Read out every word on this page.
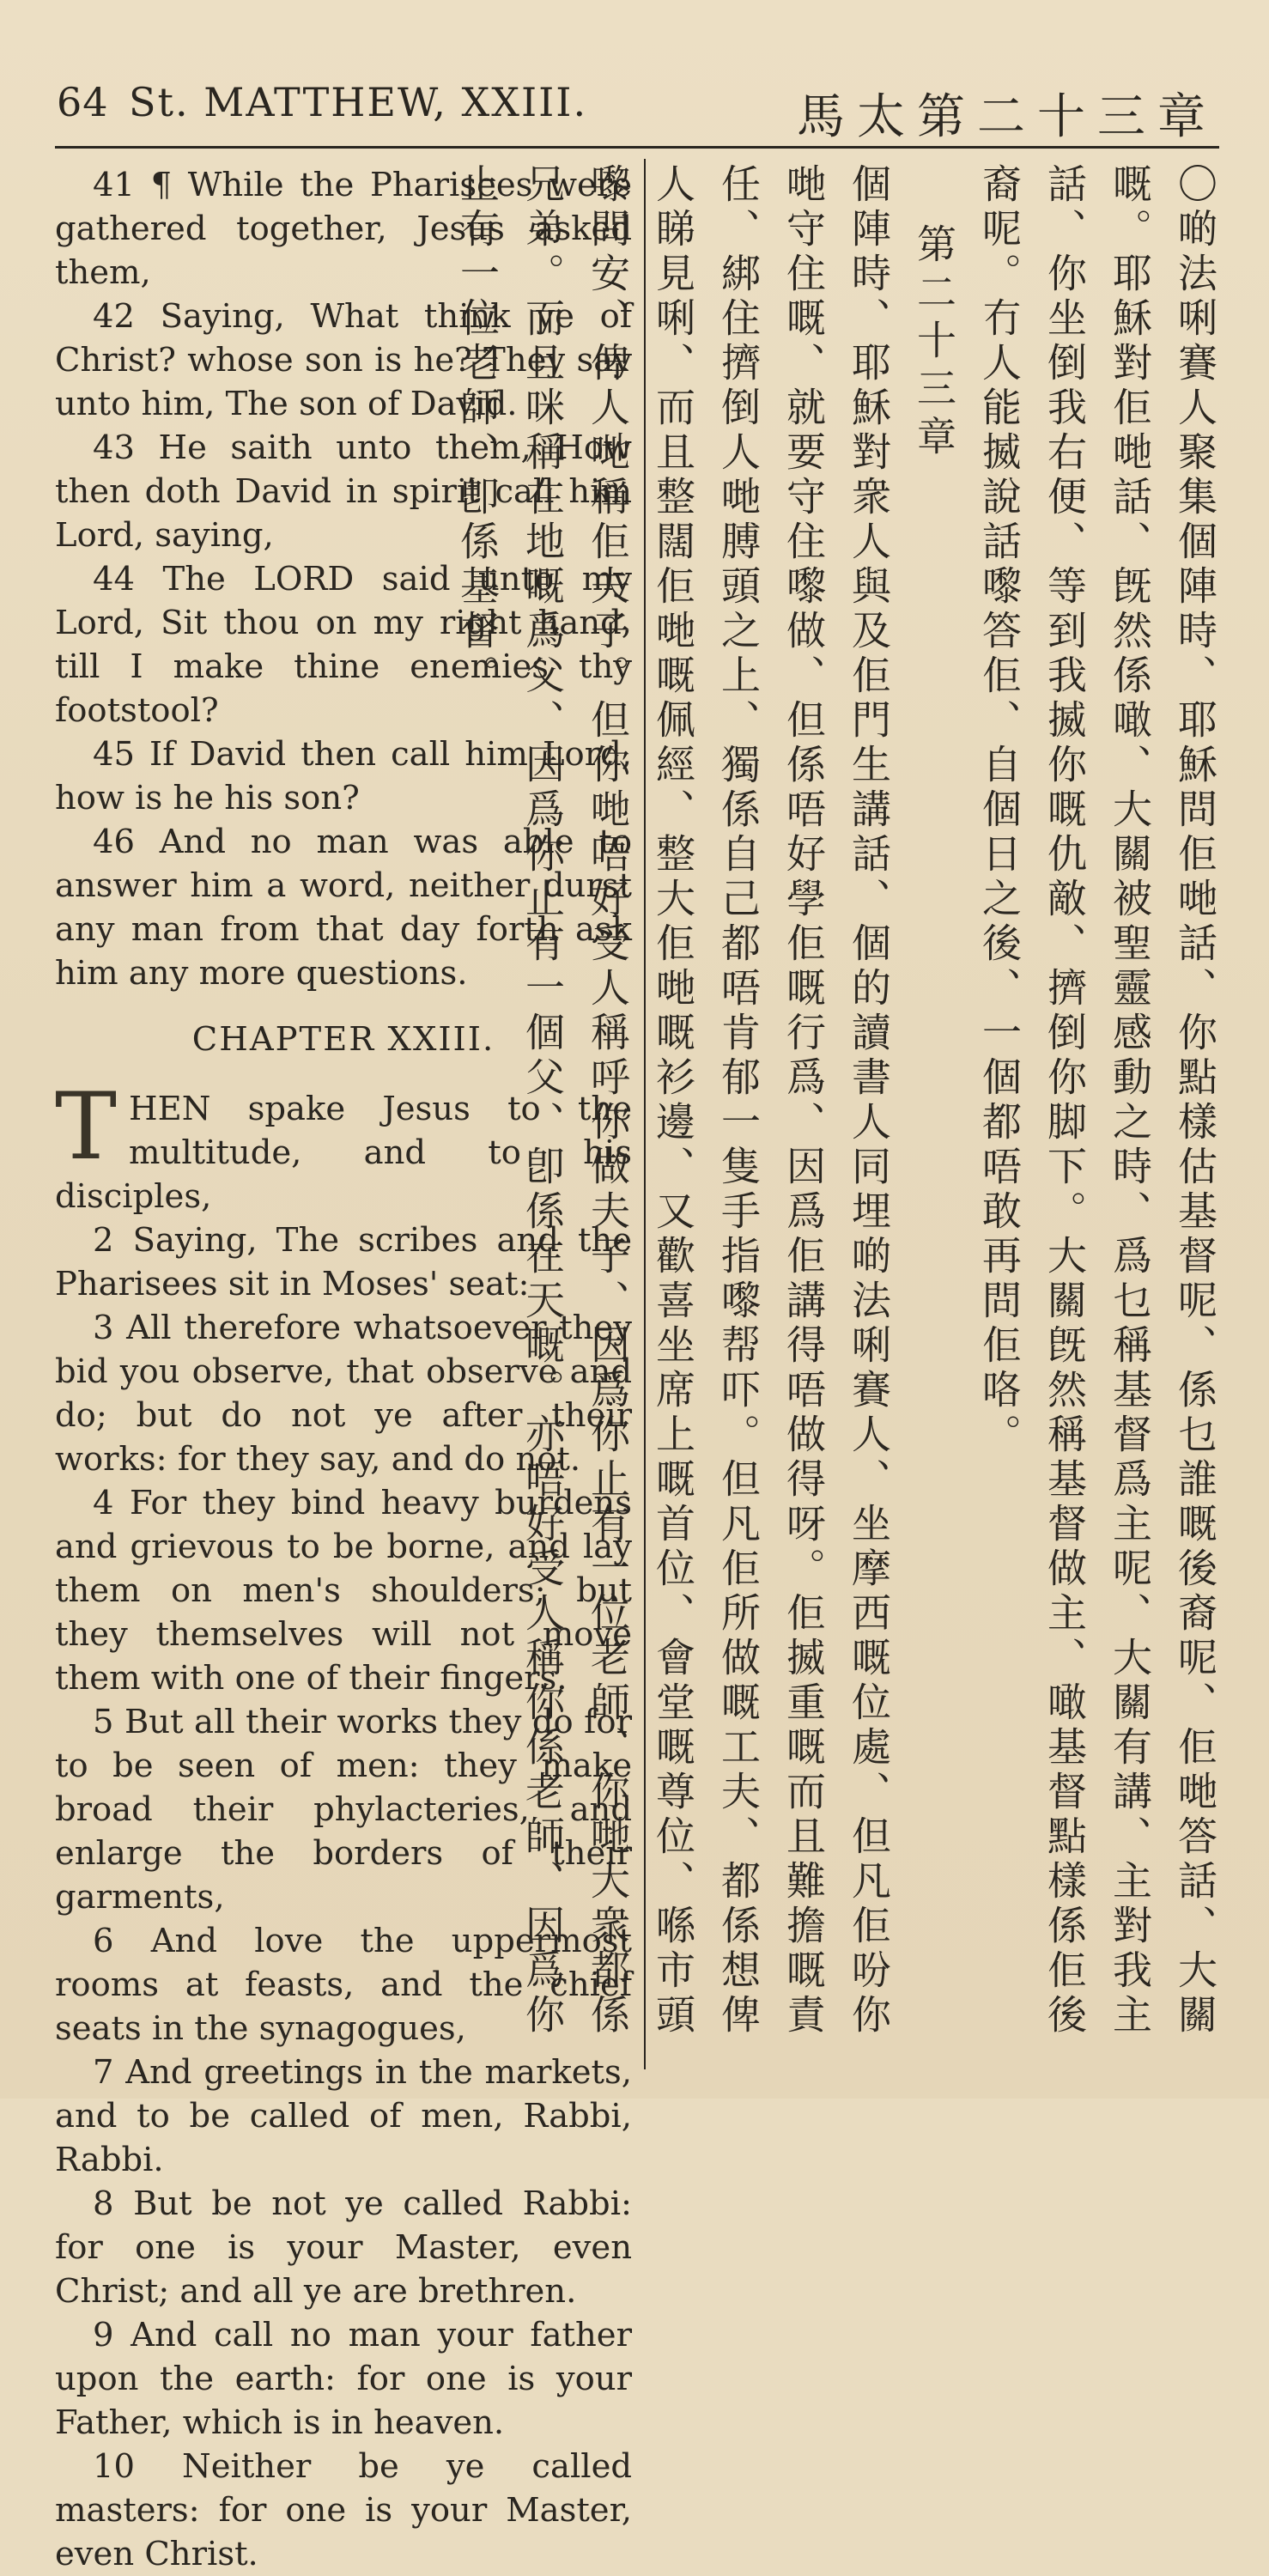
64 St. MATTHEW, XXIII.	馬太第二十三章

41 ¶ While the Pharisees were gathered together, Jesus asked them,

42 Saying, What think ye of Christ? whose son is he? They say unto him, The son of David.

43 He saith unto them, How then doth David in spirit call him Lord, saying,

44 The LORD said unto my Lord, Sit thou on my right hand, till I make thine enemies thy footstool?

45 If David then call him Lord, how is he his son?

46 And no man was able to answer him a word, neither durst any man from that day forth ask him any more questions.

CHAPTER XXIII.

T HEN spake Jesus to the multitude, and to his disciples,

2 Saying, The scribes and the Pharisees sit in Moses' seat:

3 All therefore whatsoever they bid you observe, that observe and do; but do not ye after their works: for they say, and do not.

4 For they bind heavy burdens and grievous to be borne, and lay them on men's shoulders; but they themselves will not move them with one of their fingers.

5 But all their works they do for to be seen of men: they make broad their phylacteries, and enlarge the borders of their garments,

6 And love the uppermost rooms at feasts, and the chief seats in the synagogues,

7 And greetings in the markets, and to be called of men, Rabbi, Rabbi.

8 But be not ye called Rabbi: for one is your Master, even Christ; and all ye are brethren.

9 And call no man your father upon the earth: for one is your Father, which is in heaven.

10 Neither be ye called masters: for one is your Master, even Christ.

〇啲法唎賽人聚集個陣時、耶穌問佢哋話、你點樣估基督呢、係乜誰嘅後裔呢、佢哋答話、大關嘅。耶穌對佢哋話、旣然係噉、大關被聖靈感動之時、爲乜稱基督爲主呢、大關有講、主對我主話、你坐倒我右便、等到我揻你嘅仇敵、擠倒你脚下。大關旣然稱基督做主、噉基督點樣係佢後裔呢。冇人能揻說話嚟答佢、自個日之後、一個都唔敢再問佢咯。

第二十三章

個陣時、耶穌對衆人與及佢門生講話、個的讀書人同埋啲法唎賽人、坐摩西嘅位處、但凡佢吩你哋守住嘅、就要守住嚟做、但係唔好學佢嘅行爲、因爲佢講得唔做得呀。佢揻重嘅而且難擔嘅責任、綁住擠倒人哋膊頭之上、獨係自己都唔肯郁一隻手指嚟帮吓。但凡佢所做嘅工夫、都係想俾人睇見唎、而且整闊佢哋嘅佩經、整大佢哋嘅衫邊、又歡喜坐席上嘅首位、會堂嘅尊位、喺市頭嚟問安、俾人哋稱佢夫子。但你哋唔好受人稱呼你做夫子、因爲你止有一位老師、你哋大衆都係兄弟。而且咪稱在地嘅爲父、因爲你止有一個父、卽係在天嘅。亦唔好受人稱你係老師、因爲你止有一位老師、卽係基督。
